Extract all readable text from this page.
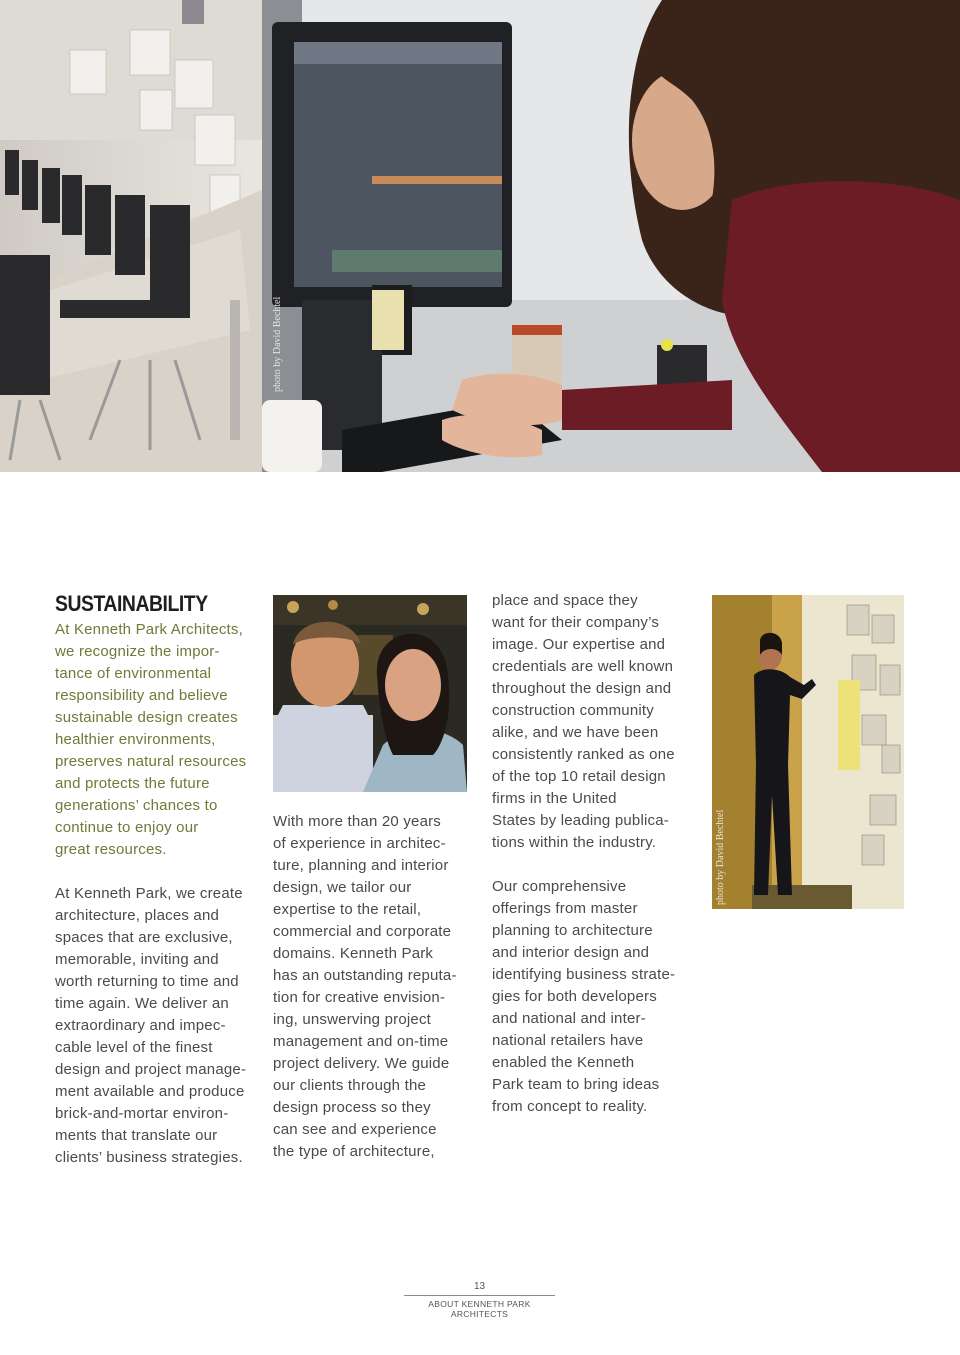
photo by David Bechtel
SUSTAINABILITY

At Kenneth Park Architects,
we recognize the impor-
tance of environmental
responsibility and believe
sustainable design creates
healthier environments,
preserves natural resources
and protects the future
generations’ chances to
continue to enjoy our
great resources.

At Kenneth Park, we create
architecture, places and
spaces that are exclusive,
memorable, inviting and
worth returning to time and
time again. We deliver an
extraordinary and impec-
cable level of the finest
design and project manage-
ment available and produce
brick-and-mortar environ-
ments that translate our
clients’ business strategies.

With more than 20 years
of experience in architec-
ture, planning and interior
design, we tailor our
expertise to the retail,
commercial and corporate
domains. Kenneth Park
has an outstanding reputa-
tion for creative envision-
ing, unswerving project
management and on-time
project delivery. We guide
our clients through the
design process so they
can see and experience
the type of architecture,

place and space they
want for their company’s
image. Our expertise and
credentials are well known
throughout the design and
construction community
alike, and we have been
consistently ranked as one
of the top 10 retail design
firms in the United
States by leading publica-
tions within the industry.

Our comprehensive
offerings from master
planning to architecture
and interior design and
identifying business strate-
gies for both developers
and national and inter-
national retailers have
enabled the Kenneth
Park team to bring ideas
from concept to reality.

photo by David Bechtel
13
ABOUT KENNETH PARK ARCHITECTS
